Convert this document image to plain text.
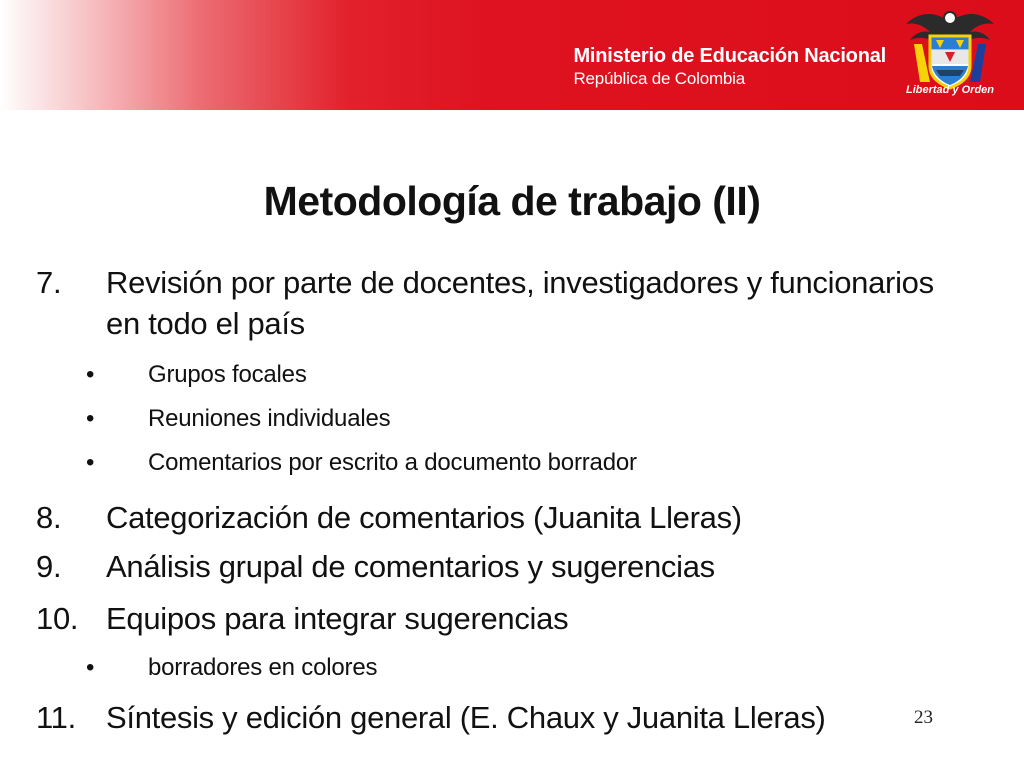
Ministerio de Educación Nacional
República de Colombia
Libertad y Orden
Metodología de trabajo (II)
7. Revisión por parte de docentes, investigadores y funcionarios
en todo el país
• Grupos focales
• Reuniones individuales
• Comentarios por escrito a documento borrador
8. Categorización de comentarios (Juanita Lleras)
9. Análisis grupal de comentarios y sugerencias
10. Equipos para integrar sugerencias
• borradores en colores
11. Síntesis y edición general (E. Chaux y Juanita Lleras)	23
